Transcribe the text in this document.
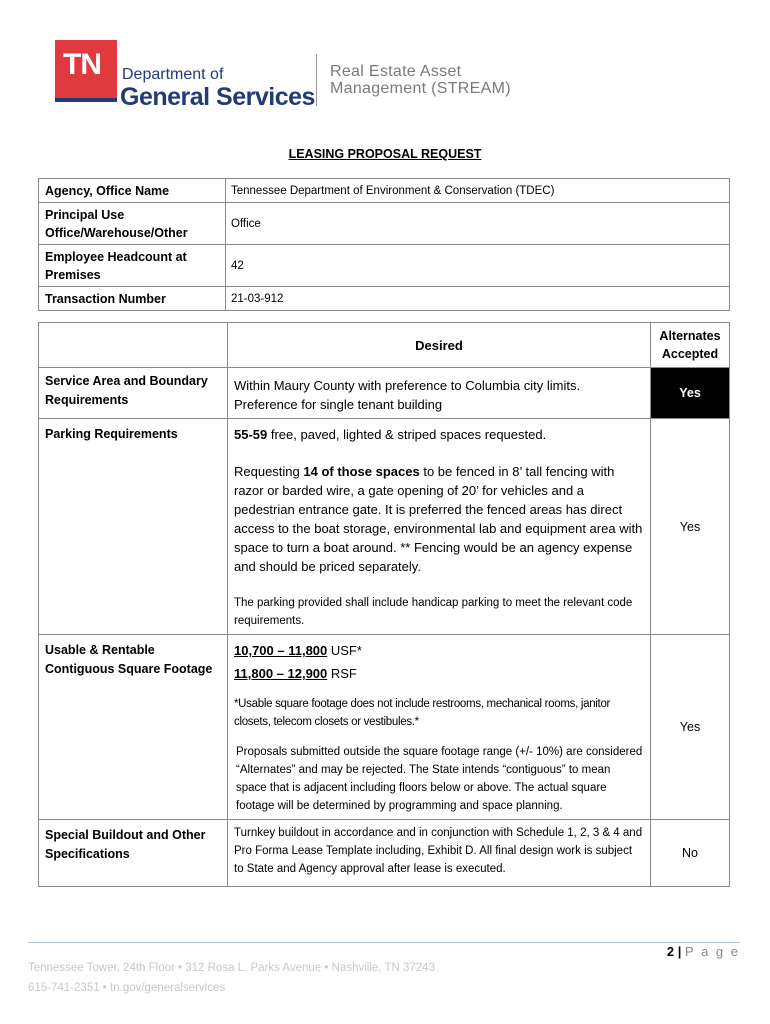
TN Department of
General Services
Real Estate Asset
Management (STREAM)
LEASING PROPOSAL REQUEST
Agency, Office Name	Tennessee Department of Environment & Conservation (TDEC)
Principal Use Office/Warehouse/Other	Office
Employee Headcount at Premises	42
Transaction Number	21-03-912
	Desired	Alternates Accepted
Service Area and Boundary Requirements	Within Maury County with preference to Columbia city limits. Preference for single tenant building	Yes
Parking Requirements	55-59 free, paved, lighted & striped spaces requested.
Requesting 14 of those spaces to be fenced in 8’ tall fencing with razor or barded wire, a gate opening of 20’ for vehicles and a pedestrian entrance gate. It is preferred the fenced areas has direct access to the boat storage, environmental lab and equipment area with space to turn a boat around. ** Fencing would be an agency expense and should be priced separately.
The parking provided shall include handicap parking to meet the relevant code requirements.	Yes
Usable & Rentable Contiguous Square Footage	10,700 – 11,800 USF*
11,800 – 12,900 RSF
*Usable square footage does not include restrooms, mechanical rooms, janitor closets, telecom closets or vestibules.*
Proposals submitted outside the square footage range (+/- 10%) are considered “Alternates” and may be rejected. The State intends “contiguous” to mean space that is adjacent including floors below or above. The actual square footage will be determined by programming and space planning.	Yes
Special Buildout and Other Specifications	Turnkey buildout in accordance and in conjunction with Schedule 1, 2, 3 & 4 and Pro Forma Lease Template including, Exhibit D. All final design work is subject to State and Agency approval after lease is executed.	No
2 | P a g e
Tennessee Tower, 24th Floor • 312 Rosa L. Parks Avenue • Nashville, TN 37243
615-741-2351 • tn.gov/generalservices
